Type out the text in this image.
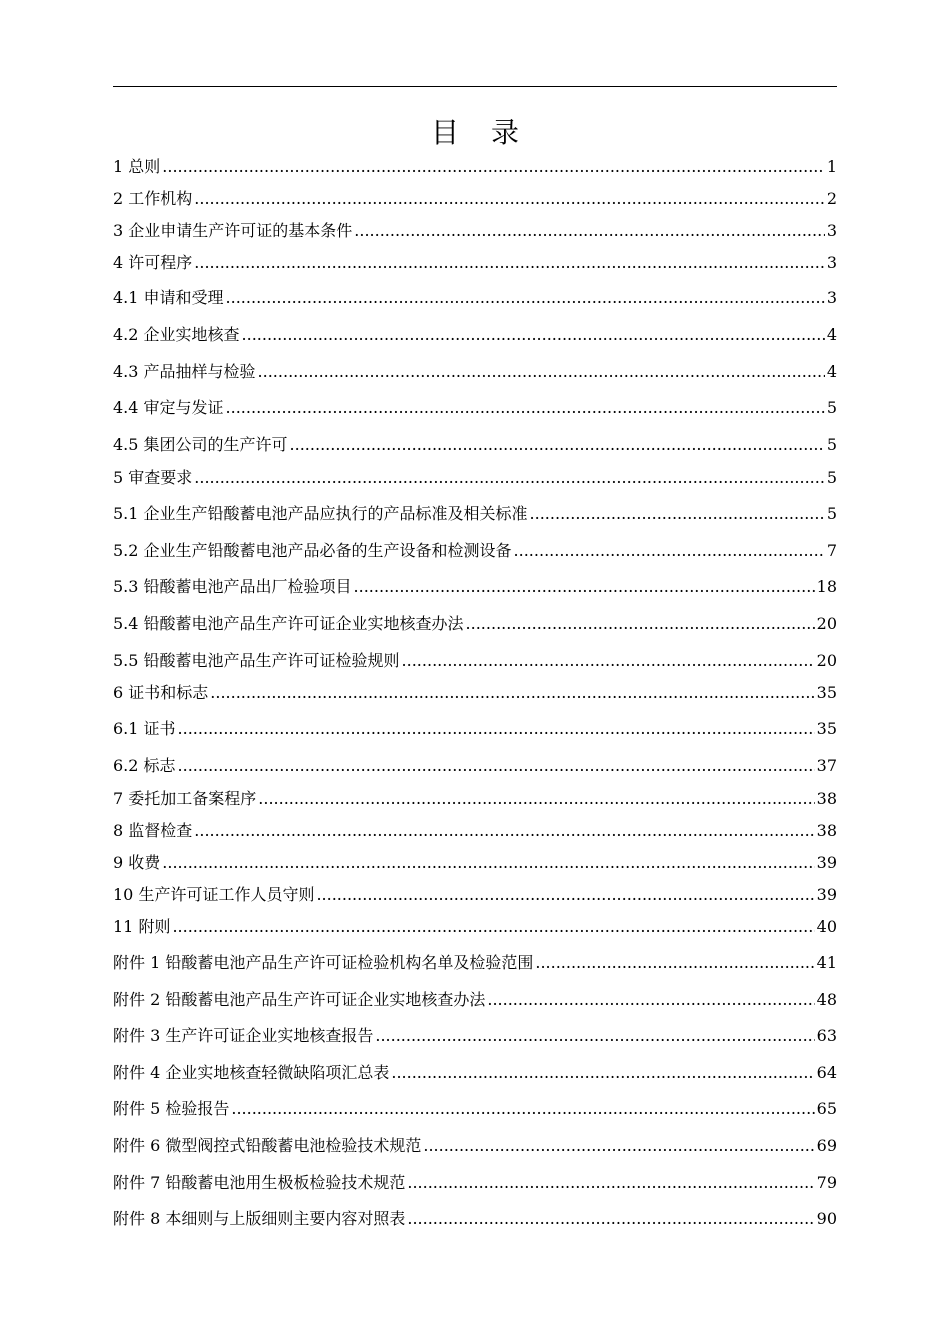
目录
1 总则 .....	1
2 工作机构 .....	2
3 企业申请生产许可证的基本条件 .....	3
4 许可程序 .....	3
4.1 申请和受理 .....	3
4.2 企业实地核查 .....	4
4.3 产品抽样与检验 .....	4
4.4 审定与发证 .....	5
4.5 集团公司的生产许可 .....	5
5 审查要求 .....	5
5.1 企业生产铅酸蓄电池产品应执行的产品标准及相关标准 .....	5
5.2 企业生产铅酸蓄电池产品必备的生产设备和检测设备 .....	7
5.3 铅酸蓄电池产品出厂检验项目 .....	18
5.4 铅酸蓄电池产品生产许可证企业实地核查办法 .....	20
5.5 铅酸蓄电池产品生产许可证检验规则 .....	20
6 证书和标志 .....	35
6.1 证书 .....	35
6.2 标志 .....	37
7 委托加工备案程序 .....	38
8 监督检查 .....	38
9 收费 .....	39
10 生产许可证工作人员守则 .....	39
11 附则 .....	40
附件 1 铅酸蓄电池产品生产许可证检验机构名单及检验范围 .....	41
附件 2 铅酸蓄电池产品生产许可证企业实地核查办法 .....	48
附件 3 生产许可证企业实地核查报告 .....	63
附件 4 企业实地核查轻微缺陷项汇总表 .....	64
附件 5 检验报告 .....	65
附件 6 微型阀控式铅酸蓄电池检验技术规范 .....	69
附件 7 铅酸蓄电池用生极板检验技术规范 .....	79
附件 8 本细则与上版细则主要内容对照表 .....	90
